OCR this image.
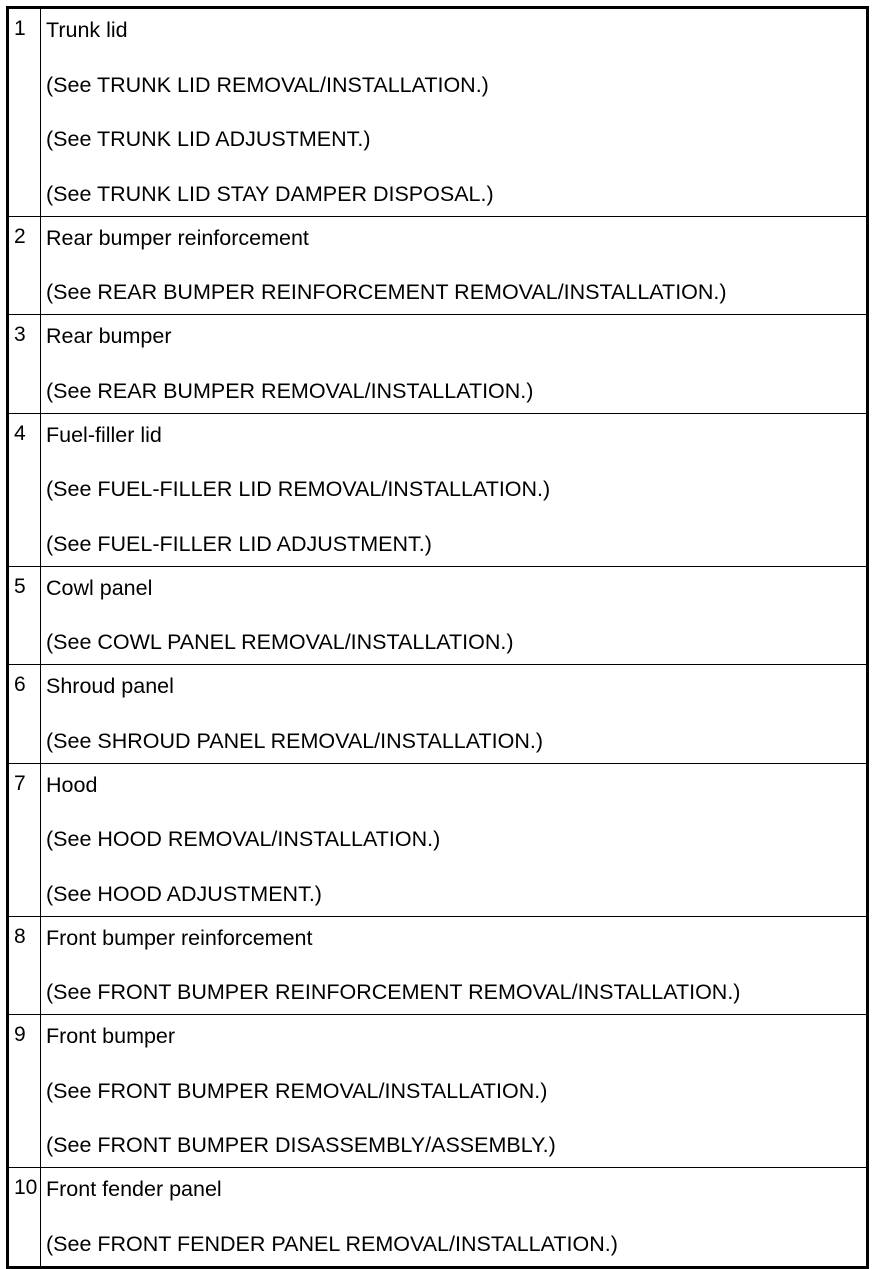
1	Trunk lid
(See TRUNK LID REMOVAL/INSTALLATION.)
(See TRUNK LID ADJUSTMENT.)
(See TRUNK LID STAY DAMPER DISPOSAL.)

2	Rear bumper reinforcement
(See REAR BUMPER REINFORCEMENT REMOVAL/INSTALLATION.)

3	Rear bumper
(See REAR BUMPER REMOVAL/INSTALLATION.)

4	Fuel-filler lid
(See FUEL-FILLER LID REMOVAL/INSTALLATION.)
(See FUEL-FILLER LID ADJUSTMENT.)

5	Cowl panel
(See COWL PANEL REMOVAL/INSTALLATION.)

6	Shroud panel
(See SHROUD PANEL REMOVAL/INSTALLATION.)

7	Hood
(See HOOD REMOVAL/INSTALLATION.)
(See HOOD ADJUSTMENT.)

8	Front bumper reinforcement
(See FRONT BUMPER REINFORCEMENT REMOVAL/INSTALLATION.)

9	Front bumper
(See FRONT BUMPER REMOVAL/INSTALLATION.)
(See FRONT BUMPER DISASSEMBLY/ASSEMBLY.)

10	Front fender panel
(See FRONT FENDER PANEL REMOVAL/INSTALLATION.)
